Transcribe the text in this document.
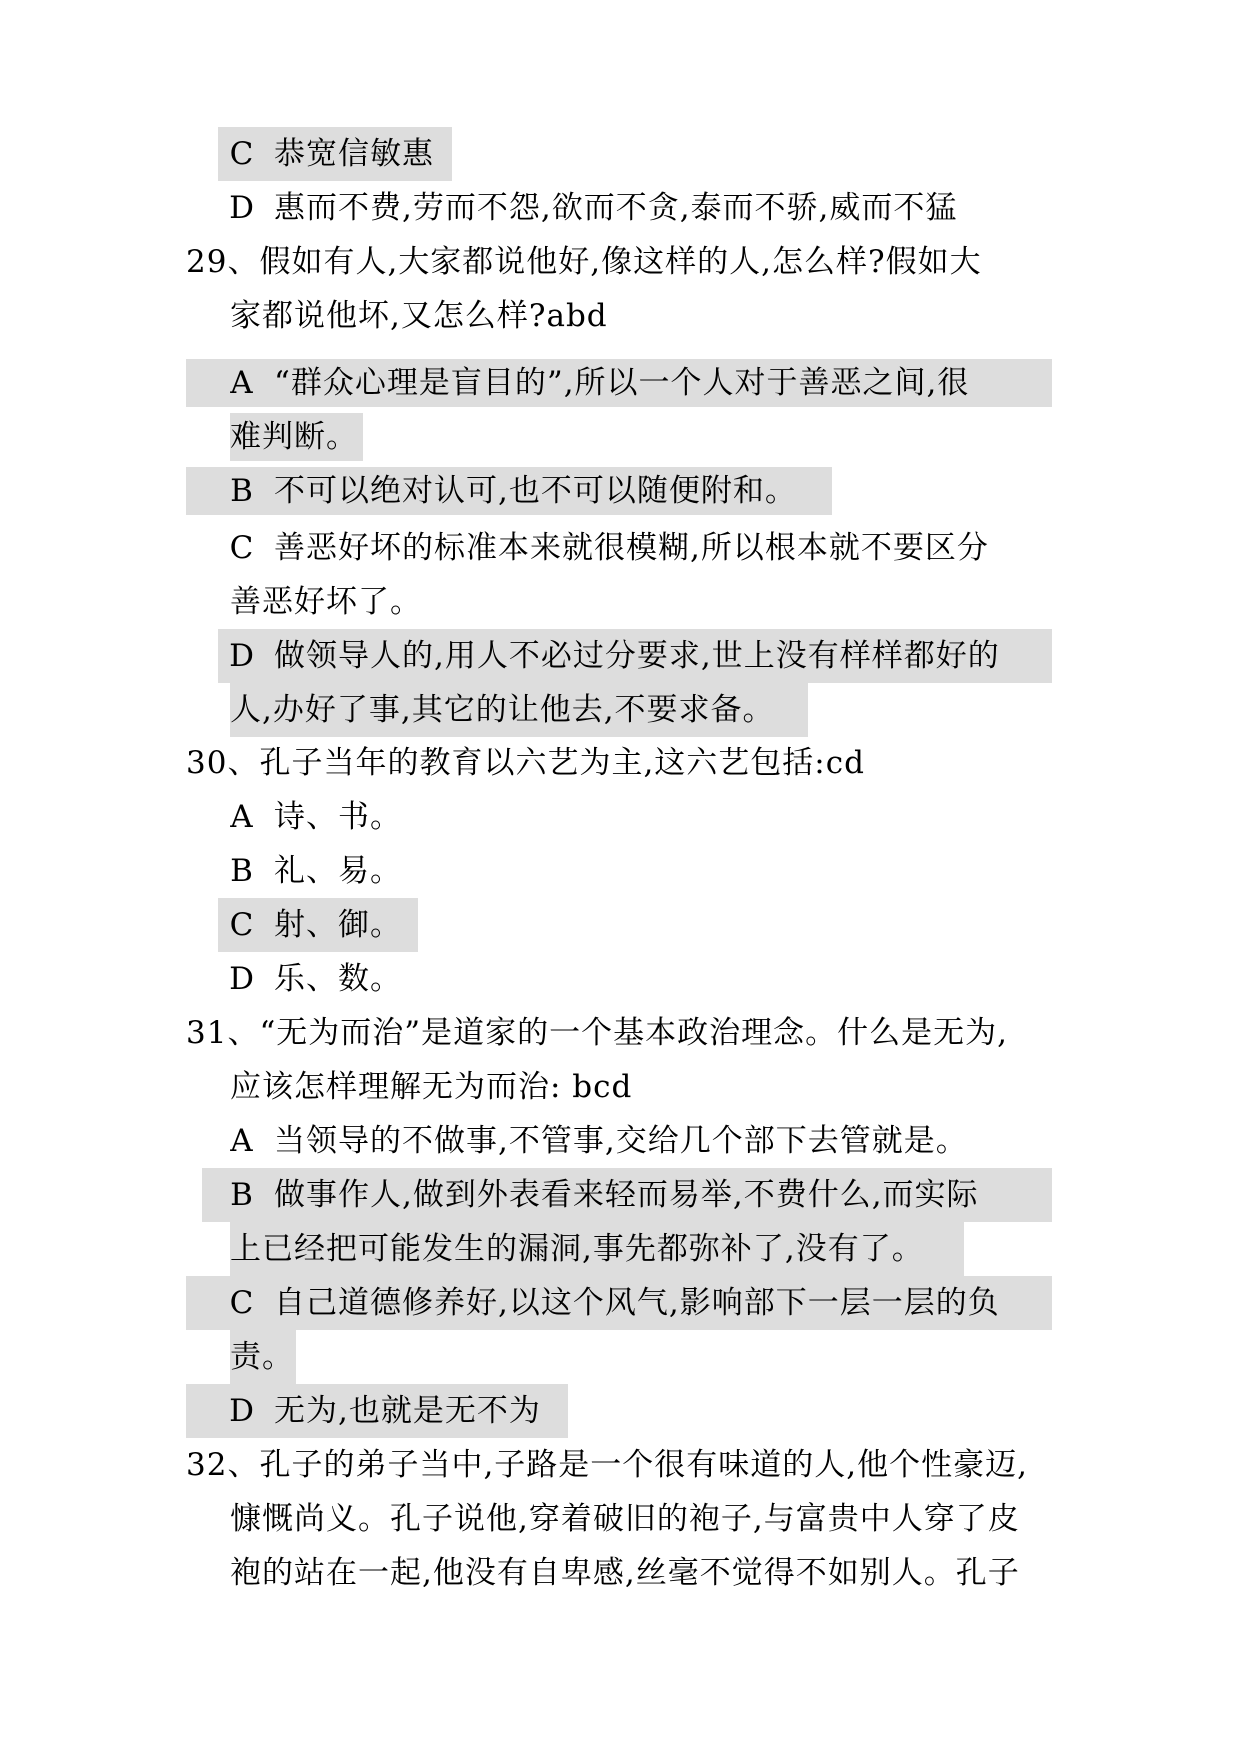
C 恭宽信敏惠
D 惠而不费,劳而不怨,欲而不贪,泰而不骄,威而不猛
29、假如有人,大家都说他好,像这样的人,怎么样?假如大
家都说他坏,又怎么样?abd
A “群众心理是盲目的”,所以一个人对于善恶之间,很
难判断。
B 不可以绝对认可,也不可以随便附和。
C 善恶好坏的标准本来就很模糊,所以根本就不要区分
善恶好坏了。
D 做领导人的,用人不必过分要求,世上没有样样都好的
人,办好了事,其它的让他去,不要求备。
30、孔子当年的教育以六艺为主,这六艺包括:cd
A 诗、书。
B 礼、易。
C 射、御。
D 乐、数。
31、“无为而治”是道家的一个基本政治理念。什么是无为,
应该怎样理解无为而治: bcd
A 当领导的不做事,不管事,交给几个部下去管就是。
B 做事作人,做到外表看来轻而易举,不费什么,而实际
上已经把可能发生的漏洞,事先都弥补了,没有了。
C 自己道德修养好,以这个风气,影响部下一层一层的负
责。
D 无为,也就是无不为
32、孔子的弟子当中,子路是一个很有味道的人,他个性豪迈,
慷慨尚义。孔子说他,穿着破旧的袍子,与富贵中人穿了皮
袍的站在一起,他没有自卑感,丝毫不觉得不如别人。孔子
